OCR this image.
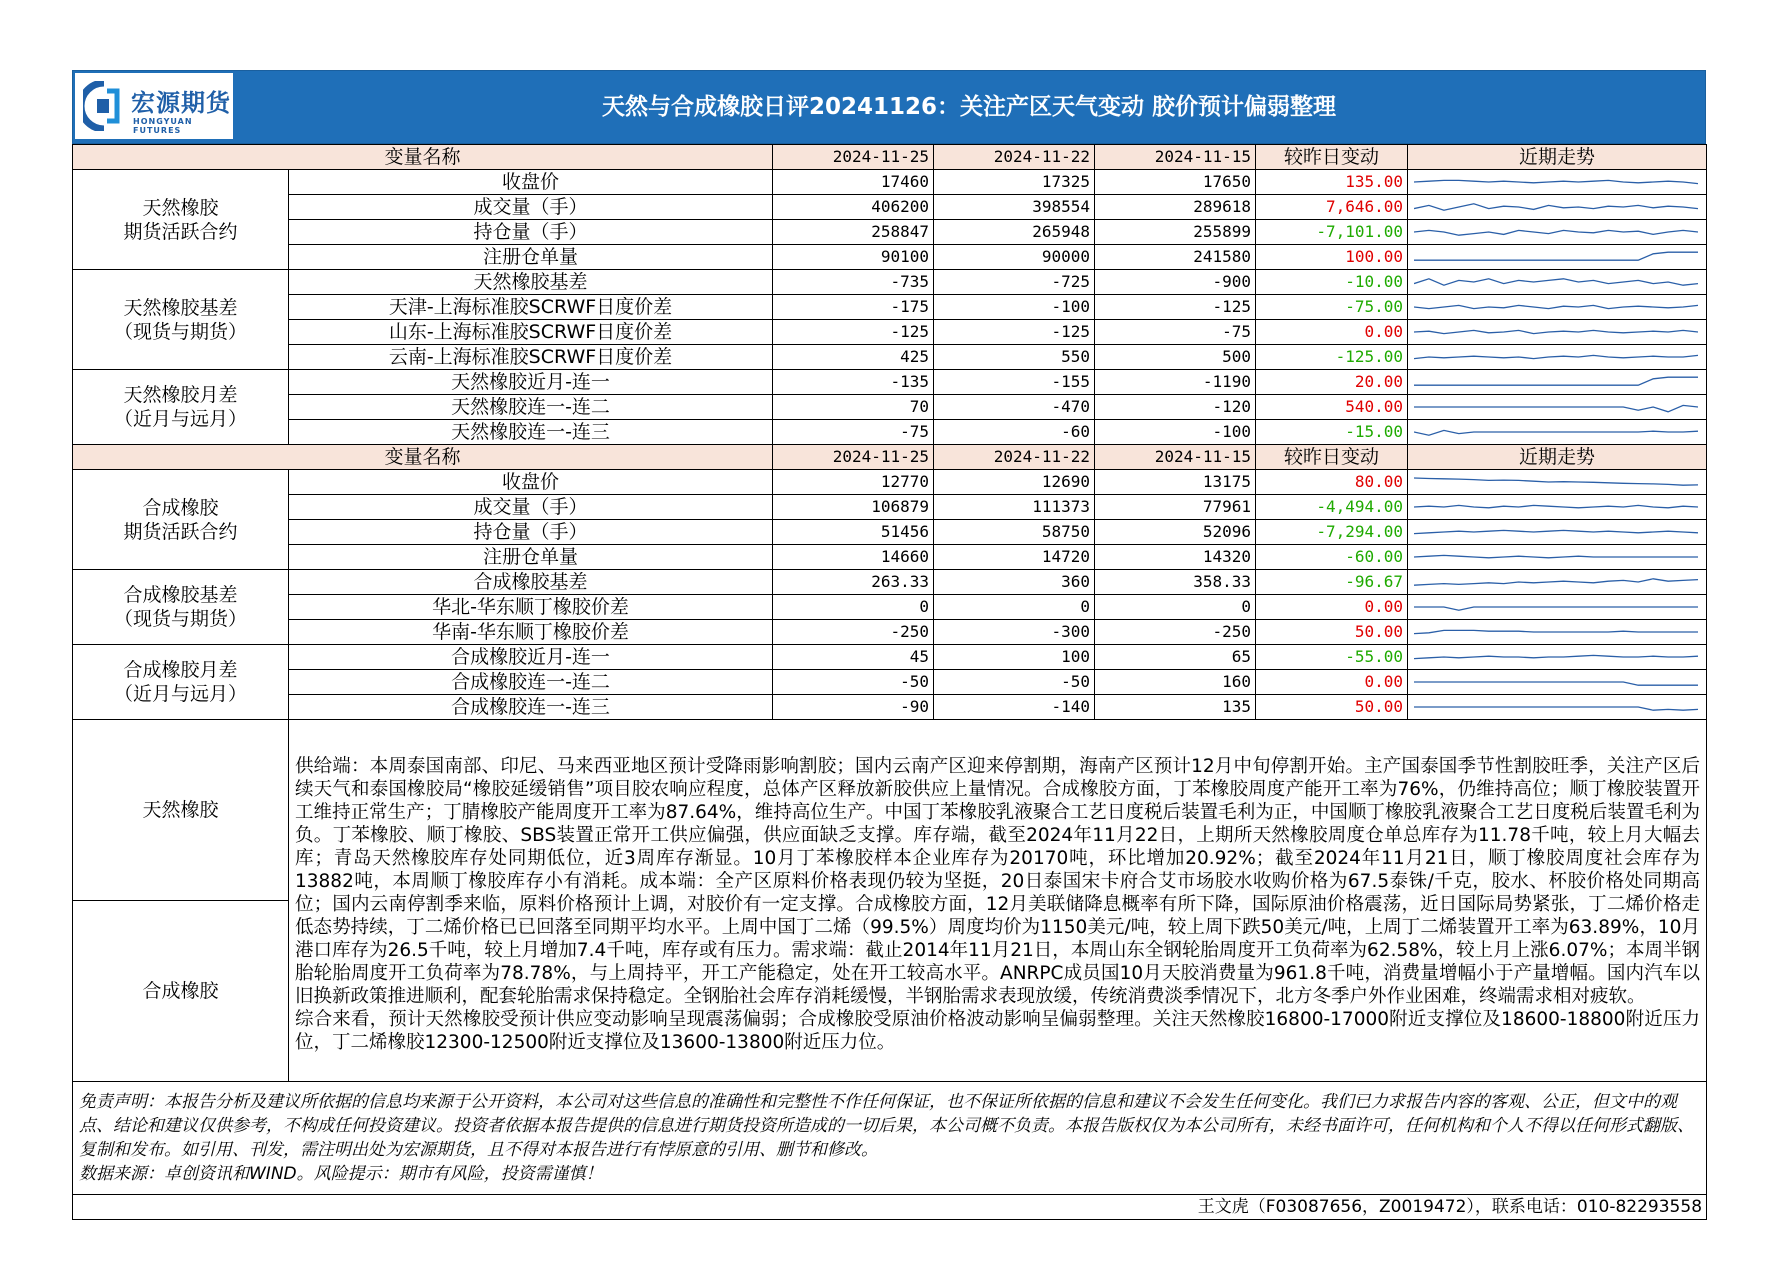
宏源期货
HONGYUAN FUTURES
天然与合成橡胶日评20241126：关注产区天气变动 胶价预计偏弱整理
变量名称		2024-11-25	2024-11-22	2024-11-15	较昨日变动	近期走势
天然橡胶
期货活跃合约	收盘价	17460	17325	17650	135.00	

	成交量（手）	406200	398554	289618	7,646.00	

	持仓量（手）	258847	265948	255899	-7,101.00	

	注册仓单量	90100	90000	241580	100.00	

天然橡胶基差
（现货与期货）	天然橡胶基差	-735	-725	-900	-10.00	

	天津-上海标准胶SCRWF日度价差	-175	-100	-125	-75.00	

	山东-上海标准胶SCRWF日度价差	-125	-125	-75	0.00	

	云南-上海标准胶SCRWF日度价差	425	550	500	-125.00	

天然橡胶月差
（近月与远月）	天然橡胶近月-连一	-135	-155	-1190	20.00	

	天然橡胶连一-连二	70	-470	-120	540.00	

	天然橡胶连一-连三	-75	-60	-100	-15.00	

变量名称		2024-11-25	2024-11-22	2024-11-15	较昨日变动	近期走势
合成橡胶
期货活跃合约	收盘价	12770	12690	13175	80.00	

	成交量（手）	106879	111373	77961	-4,494.00	

	持仓量（手）	51456	58750	52096	-7,294.00	

	注册仓单量	14660	14720	14320	-60.00	

合成橡胶基差
（现货与期货）	合成橡胶基差	263.33	360	358.33	-96.67	

	华北-华东顺丁橡胶价差	0	0	0	0.00	

	华南-华东顺丁橡胶价差	-250	-300	-250	50.00	

合成橡胶月差
（近月与远月）	合成橡胶近月-连一	45	100	65	-55.00	

	合成橡胶连一-连二	-50	-50	160	0.00	

	合成橡胶连一-连三	-90	-140	135	50.00	

天然橡胶	供给端：本周泰国南部、印尼、马来西亚地区预计受降雨影响割胶；国内云南产区迎来停割期，海南产区预计12月中旬停割开始。主产国泰国季节性割胶旺季，关注产区后续天气和泰国橡胶局“橡胶延缓销售”项目胶农响应程度，总体产区释放新胶供应上量情况。合成橡胶方面，丁苯橡胶周度产能开工率为76%，仍维持高位；顺丁橡胶装置开工维持正常生产；丁腈橡胶产能周度开工率为87.64%，维持高位生产。中国丁苯橡胶乳液聚合工艺日度税后装置毛利为正，中国顺丁橡胶乳液聚合工艺日度税后装置毛利为负。丁苯橡胶、顺丁橡胶、SBS装置正常开工供应偏强，供应面缺乏支撑。库存端，截至2024年11月22日，上期所天然橡胶周度仓单总库存为11.78千吨，较上月大幅去库；青岛天然橡胶库存处同期低位，近3周库存渐显。10月丁苯橡胶样本企业库存为20170吨，环比增加20.92%；截至2024年11月21日，顺丁橡胶周度社会库存为13882吨，本周顺丁橡胶库存小有消耗。成本端：全产区原料价格表现仍较为坚挺，20日泰国宋卡府合艾市场胶水收购价格为67.5泰铢/千克，胶水、杯胶价格处同期高位；国内云南停割季来临，原料价格预计上调，对胶价有一定支撑。合成橡胶方面，12月美联储降息概率有所下降，国际原油价格震荡，近日国际局势紧张，丁二烯价格走低态势持续，丁二烯价格已已回落至同期平均水平。上周中国丁二烯（99.5%）周度均价为1150美元/吨，较上周下跌50美元/吨，上周丁二烯装置开工率为63.89%，10月港口库存为26.5千吨，较上月增加7.4千吨，库存或有压力。需求端：截止2014年11月21日，本周山东全钢轮胎周度开工负荷率为62.58%，较上月上涨6.07%；本周半钢胎轮胎周度开工负荷率为78.78%，与上周持平，开工产能稳定，处在开工较高水平。ANRPC成员国10月天胶消费量为961.8千吨，消费量增幅小于产量增幅。国内汽车以旧换新政策推进顺利，配套轮胎需求保持稳定。全钢胎社会库存消耗缓慢，半钢胎需求表现放缓，传统消费淡季情况下，北方冬季户外作业困难，终端需求相对疲软。
综合来看，预计天然橡胶受预计供应变动影响呈现震荡偏弱；合成橡胶受原油价格波动影响呈偏弱整理。关注天然橡胶16800-17000附近支撑位及18600-18800附近压力位，丁二烯橡胶12300-12500附近支撑位及13600-13800附近压力位。					
合成橡胶						
免责声明：本报告分析及建议所依据的信息均来源于公开资料，本公司对这些信息的准确性和完整性不作任何保证，也不保证所依据的信息和建议不会发生任何变化。我们已力求报告内容的客观、公正，但文中的观点、结论和建议仅供参考，不构成任何投资建议。投资者依据本报告提供的信息进行期货投资所造成的一切后果，本公司概不负责。本报告版权仅为本公司所有，未经书面许可，任何机构和个人不得以任何形式翻版、复制和发布。如引用、刊发，需注明出处为宏源期货，且不得对本报告进行有悖原意的引用、删节和修改。
数据来源：卓创资讯和WIND。风险提示：期市有风险，投资需谨慎！						
王文虎（F03087656，Z0019472），联系电话：010-82293558						
